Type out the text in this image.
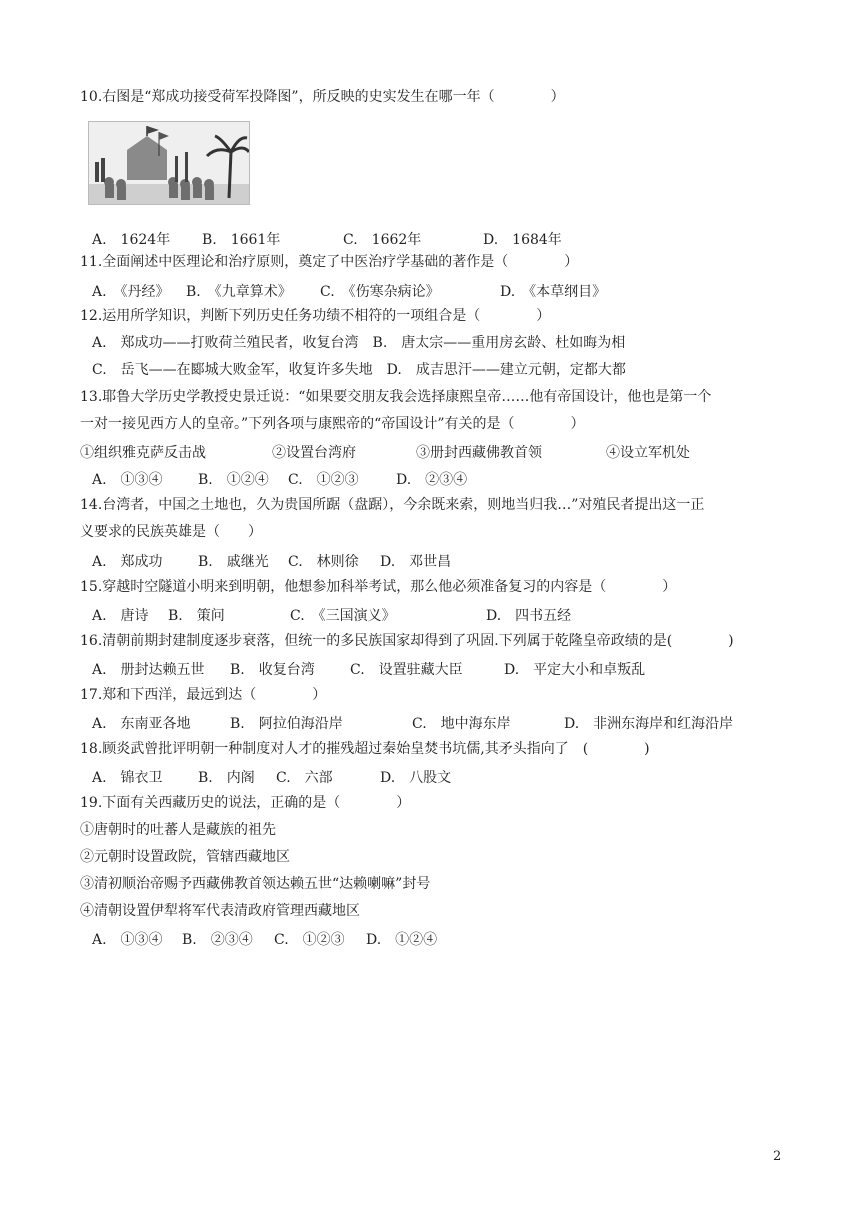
10.右图是“郑成功接受荷军投降图”，所反映的史实发生在哪一年（　　　　）
A.　1624年 B.　1661年	C.　1662年	D.　1684年
11.全面阐述中医理论和治疗原则，奠定了中医治疗学基础的著作是（　　　　）
A.　《丹经》 B.　《九章算术》 C.　《伤寒杂病论》	D.　《本草纲目》
12.运用所学知识，判断下列历史任务功绩不相符的一项组合是（　　　　）
A.　郑成功——打败荷兰殖民者，收复台湾　B.　唐太宗——重用房玄龄、杜如晦为相
C.　岳飞——在郾城大败金军，收复许多失地　D.　成吉思汗——建立元朝，定都大都
13.耶鲁大学历史学教授史景迁说：“如果要交朋友我会选择康熙皇帝……他有帝国设计，他也是第一个
一对一接见西方人的皇帝。”下列各项与康熙帝的“帝国设计”有关的是（　　　　）
①组织雅克萨反击战	②设置台湾府	③册封西藏佛教首领	④设立军机处
A.　①③④	B.　①②④ C.　①②③	D.　②③④
14.台湾者，中国之土地也，久为贵国所踞（盘踞），今余既来索，则地当归我…”对殖民者提出这一正
义要求的民族英雄是（　　）
A.　郑成功	B.　戚继光 C.　林则徐 D.　邓世昌
15.穿越时空隧道小明来到明朝，他想参加科举考试，那么他必须准备复习的内容是（　　　　）
A.　唐诗 B.　策问	C.　《三国演义》	D.　四书五经
16.清朝前期封建制度逐步衰落，但统一的多民族国家却得到了巩固.下列属于乾隆皇帝政绩的是(　　　　)
A.　册封达赖五世 B.　收复台湾	C.　设置驻藏大臣	D.　平定大小和卓叛乱
17.郑和下西洋，最远到达（　　　　）
A.　东南亚各地	B.　阿拉伯海沿岸	C.　地中海东岸	D.　非洲东海岸和红海沿岸
18.顾炎武曾批评明朝一种制度对人才的摧残超过秦始皇焚书坑儒,其矛头指向了　(　　　　)
A.　锦衣卫	B.　内阁 C.　六部	D.　八股文
19.下面有关西藏历史的说法，正确的是（　　　　）
①唐朝时的吐蕃人是藏族的祖先
②元朝时设置政院，管辖西藏地区
③清初顺治帝赐予西藏佛教首领达赖五世“达赖喇嘛”封号
④清朝设置伊犁将军代表清政府管理西藏地区
A.　①③④ B.　②③④ C.　①②③ D.　①②④
2
